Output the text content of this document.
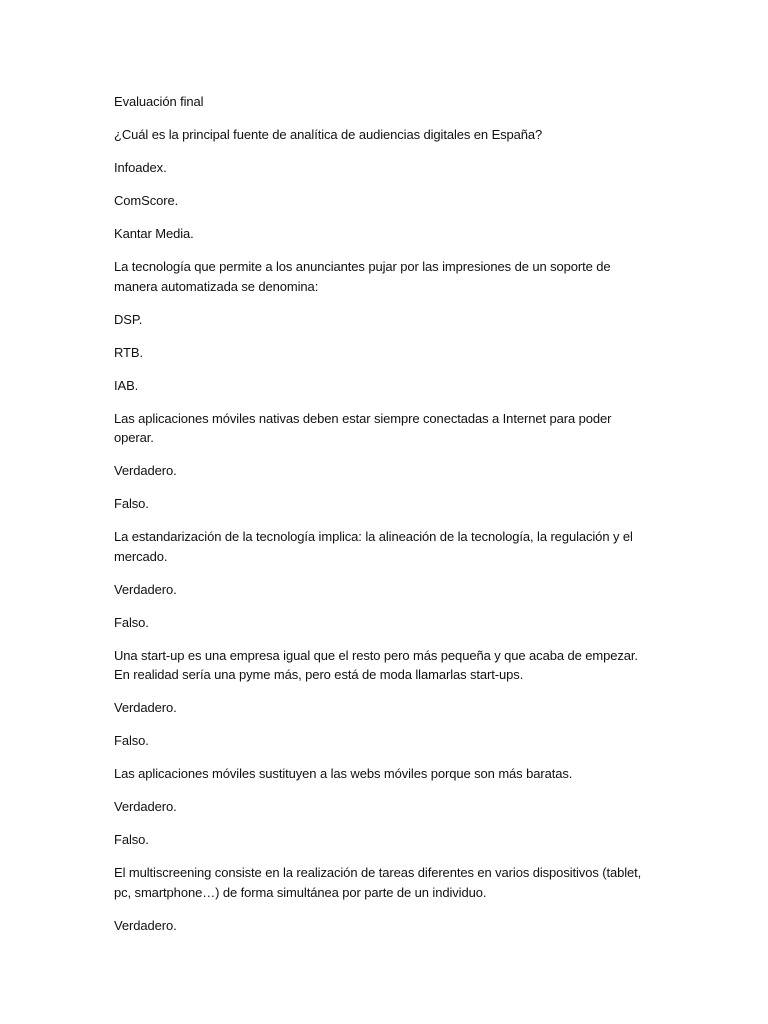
Evaluación final

¿Cuál es la principal fuente de analítica de audiencias digitales en España?

Infoadex.

ComScore.

Kantar Media.

La tecnología que permite a los anunciantes pujar por las impresiones de un soporte de manera automatizada se denomina:

DSP.

RTB.

IAB.

Las aplicaciones móviles nativas deben estar siempre conectadas a Internet para poder operar.

Verdadero.

Falso.

La estandarización de la tecnología implica: la alineación de la tecnología, la regulación y el mercado.

Verdadero.

Falso.

Una start-up es una empresa igual que el resto pero más pequeña y que acaba de empezar. En realidad sería una pyme más, pero está de moda llamarlas start-ups.

Verdadero.

Falso.

Las aplicaciones móviles sustituyen a las webs móviles porque son más baratas.

Verdadero.

Falso.

El multiscreening consiste en la realización de tareas diferentes en varios dispositivos (tablet, pc, smartphone…) de forma simultánea por parte de un individuo.

Verdadero.
